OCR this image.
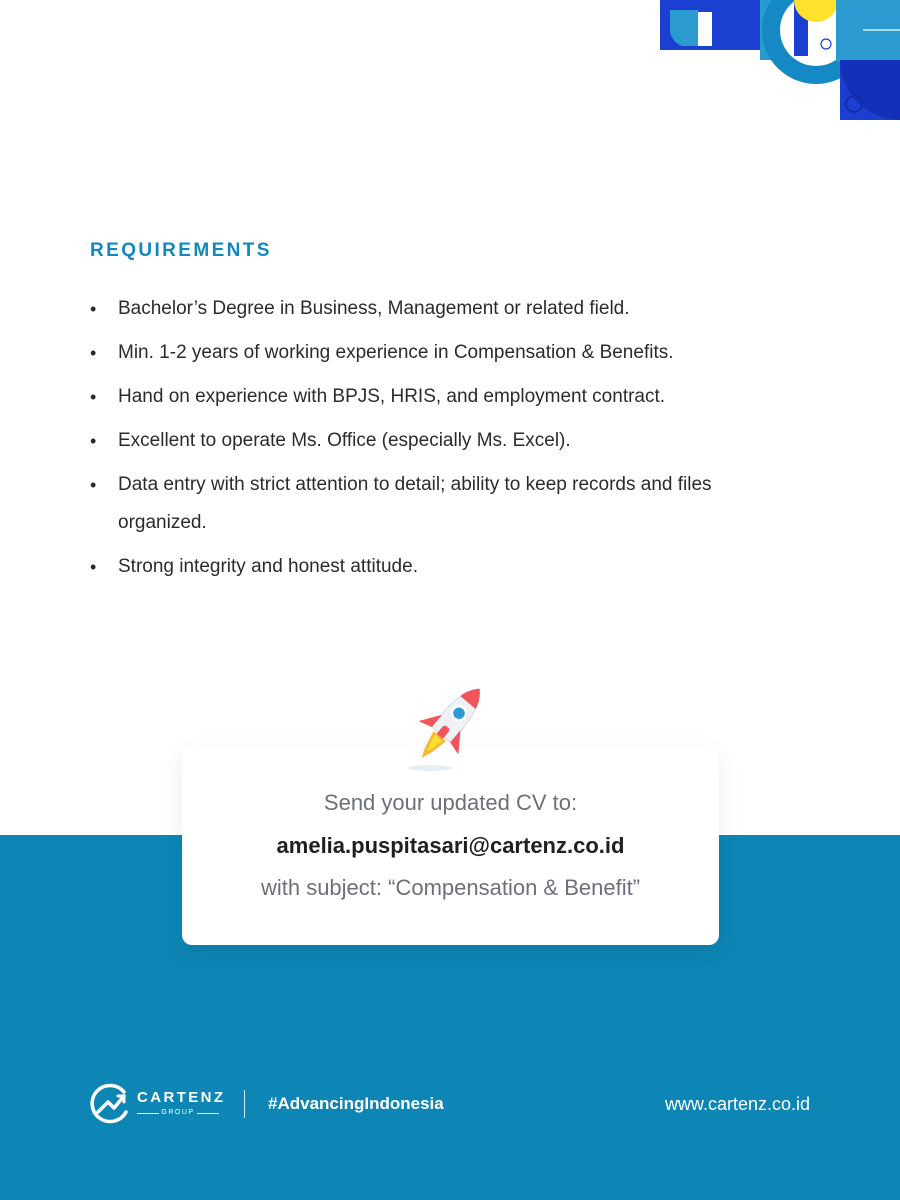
REQUIREMENTS
• Bachelor’s Degree in Business, Management or related field.
• Min. 1-2 years of working experience in Compensation & Benefits.
• Hand on experience with BPJS, HRIS, and employment contract.
• Excellent to operate Ms. Office (especially Ms. Excel).
• Data entry with strict attention to detail; ability to keep records and files organized.
• Strong integrity and honest attitude.
Send your updated CV to:
amelia.puspitasari@cartenz.co.id
with subject: “Compensation & Benefit”
CARTENZ
GROUP	#AdvancingIndonesia	www.cartenz.co.id
